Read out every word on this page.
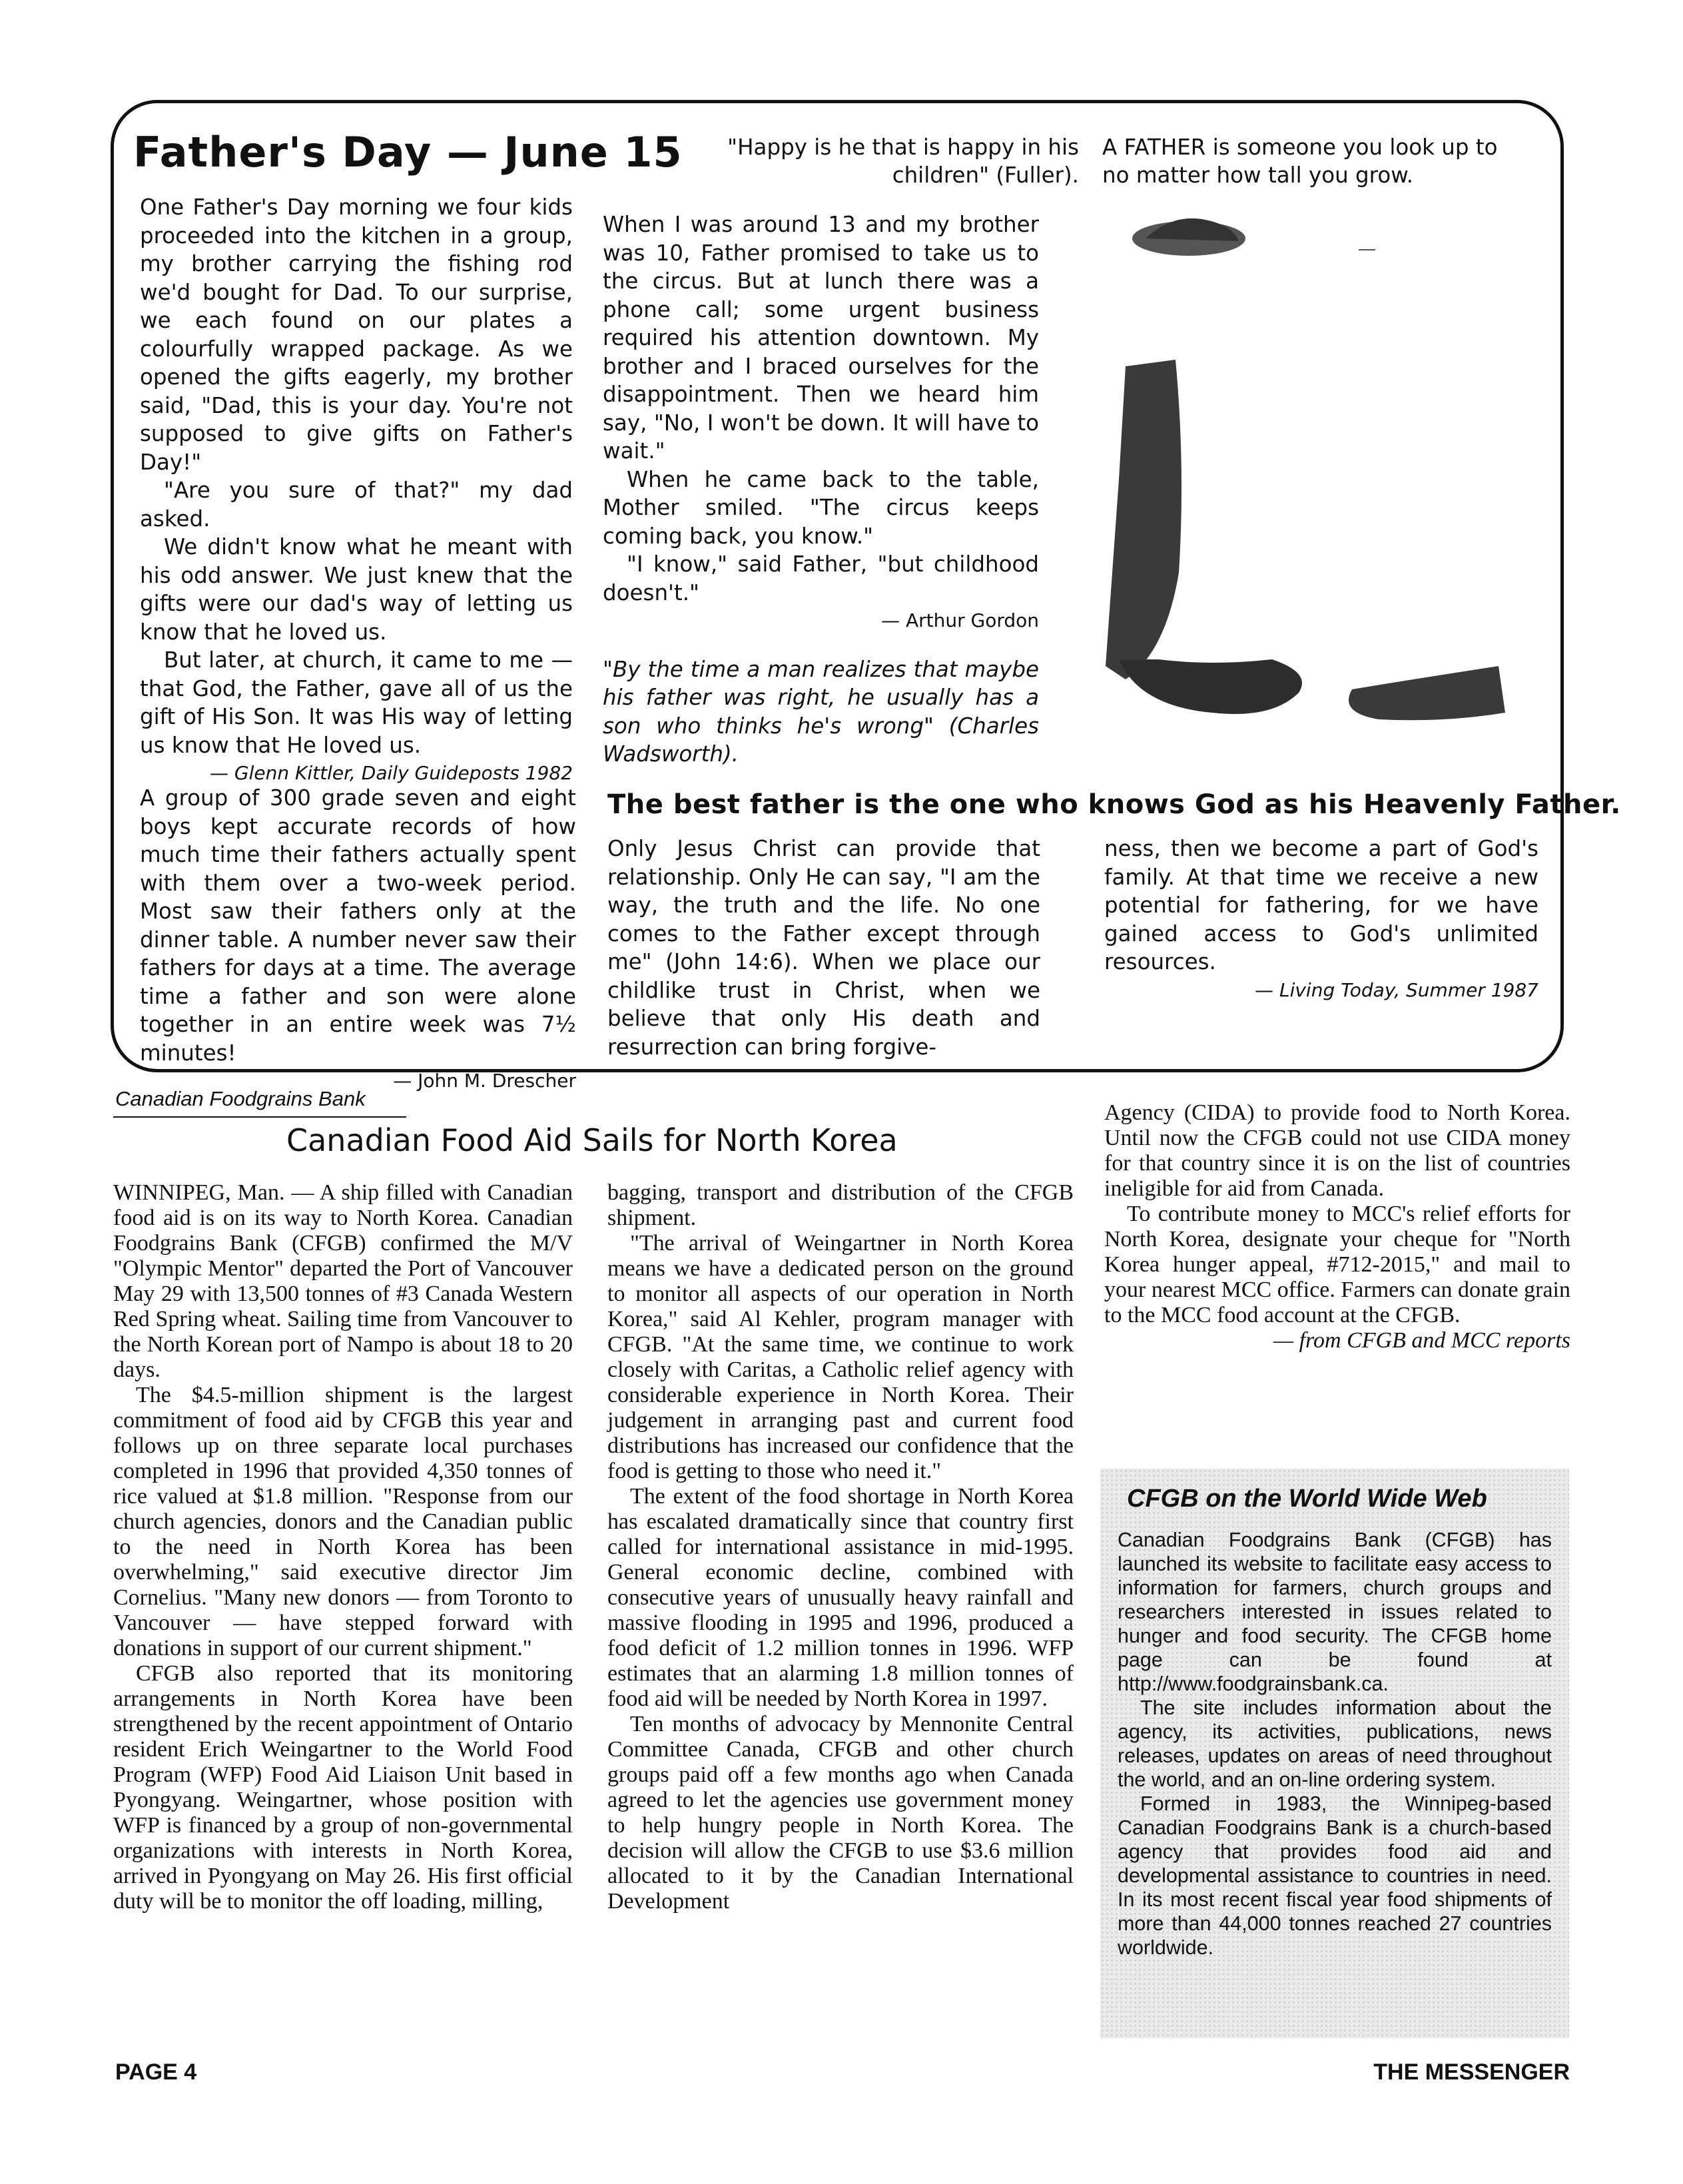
Father's Day — June 15

One Father's Day morning we four kids proceeded into the kitchen in a group, my brother carrying the fishing rod we'd bought for Dad. To our surprise, we each found on our plates a colourfully wrapped package. As we opened the gifts eagerly, my brother said, "Dad, this is your day. You're not supposed to give gifts on Father's Day!"

"Are you sure of that?" my dad asked.

We didn't know what he meant with his odd answer. We just knew that the gifts were our dad's way of letting us know that he loved us.

But later, at church, it came to me — that God, the Father, gave all of us the gift of His Son. It was His way of letting us know that He loved us.

— Glenn Kittler, Daily Guideposts 1982

"Happy is he that is happy in his children" (Fuller).

When I was around 13 and my brother was 10, Father promised to take us to the circus. But at lunch there was a phone call; some urgent business required his attention downtown. My brother and I braced ourselves for the disappointment. Then we heard him say, "No, I won't be down. It will have to wait."

When he came back to the table, Mother smiled. "The circus keeps coming back, you know."

"I know," said Father, "but childhood doesn't."

— Arthur Gordon

"By the time a man realizes that maybe his father was right, he usually has a son who thinks he's wrong" (Charles Wadsworth).

A FATHER is someone you look up to no matter how tall you grow.

A group of 300 grade seven and eight boys kept accurate records of how much time their fathers actually spent with them over a two-week period. Most saw their fathers only at the dinner table. A number never saw their fathers for days at a time. The average time a father and son were alone together in an entire week was 7½ minutes!

— John M. Drescher

The best father is the one who knows God as his Heavenly Father.

Only Jesus Christ can provide that relationship. Only He can say, "I am the way, the truth and the life. No one comes to the Father except through me" (John 14:6). When we place our childlike trust in Christ, when we believe that only His death and resurrection can bring forgive-

ness, then we become a part of God's family. At that time we receive a new potential for fathering, for we have gained access to God's unlimited resources.

— Living Today, Summer 1987

Canadian Foodgrains Bank
Canadian Food Aid Sails for North Korea

WINNIPEG, Man. — A ship filled with Canadian food aid is on its way to North Korea. Canadian Foodgrains Bank (CFGB) confirmed the M/V "Olympic Mentor" departed the Port of Vancouver May 29 with 13,500 tonnes of #3 Canada Western Red Spring wheat. Sailing time from Vancouver to the North Korean port of Nampo is about 18 to 20 days.

The $4.5-million shipment is the largest commitment of food aid by CFGB this year and follows up on three separate local purchases completed in 1996 that provided 4,350 tonnes of rice valued at $1.8 million. "Response from our church agencies, donors and the Canadian public to the need in North Korea has been overwhelming," said executive director Jim Cornelius. "Many new donors — from Toronto to Vancouver — have stepped forward with donations in support of our current shipment."

CFGB also reported that its monitoring arrangements in North Korea have been strengthened by the recent appointment of Ontario resident Erich Weingartner to the World Food Program (WFP) Food Aid Liaison Unit based in Pyongyang. Weingartner, whose position with WFP is financed by a group of non-governmental organizations with interests in North Korea, arrived in Pyongyang on May 26. His first official duty will be to monitor the off loading, milling,

bagging, transport and distribution of the CFGB shipment.

"The arrival of Weingartner in North Korea means we have a dedicated person on the ground to monitor all aspects of our operation in North Korea," said Al Kehler, program manager with CFGB. "At the same time, we continue to work closely with Caritas, a Catholic relief agency with considerable experience in North Korea. Their judgement in arranging past and current food distributions has increased our confidence that the food is getting to those who need it."

The extent of the food shortage in North Korea has escalated dramatically since that country first called for international assistance in mid-1995. General economic decline, combined with consecutive years of unusually heavy rainfall and massive flooding in 1995 and 1996, produced a food deficit of 1.2 million tonnes in 1996. WFP estimates that an alarming 1.8 million tonnes of food aid will be needed by North Korea in 1997.

Ten months of advocacy by Mennonite Central Committee Canada, CFGB and other church groups paid off a few months ago when Canada agreed to let the agencies use government money to help hungry people in North Korea. The decision will allow the CFGB to use $3.6 million allocated to it by the Canadian International Development

Agency (CIDA) to provide food to North Korea. Until now the CFGB could not use CIDA money for that country since it is on the list of countries ineligible for aid from Canada.

To contribute money to MCC's relief efforts for North Korea, designate your cheque for "North Korea hunger appeal, #712-2015," and mail to your nearest MCC office. Farmers can donate grain to the MCC food account at the CFGB.

— from CFGB and MCC reports

CFGB on the World Wide Web

Canadian Foodgrains Bank (CFGB) has launched its website to facilitate easy access to information for farmers, church groups and researchers interested in issues related to hunger and food security. The CFGB home page can be found at http://www.foodgrainsbank.ca.

The site includes information about the agency, its activities, publications, news releases, updates on areas of need throughout the world, and an on-line ordering system.

Formed in 1983, the Winnipeg-based Canadian Foodgrains Bank is a church-based agency that provides food aid and developmental assistance to countries in need. In its most recent fiscal year food shipments of more than 44,000 tonnes reached 27 countries worldwide.

PAGE 4	THE MESSENGER
